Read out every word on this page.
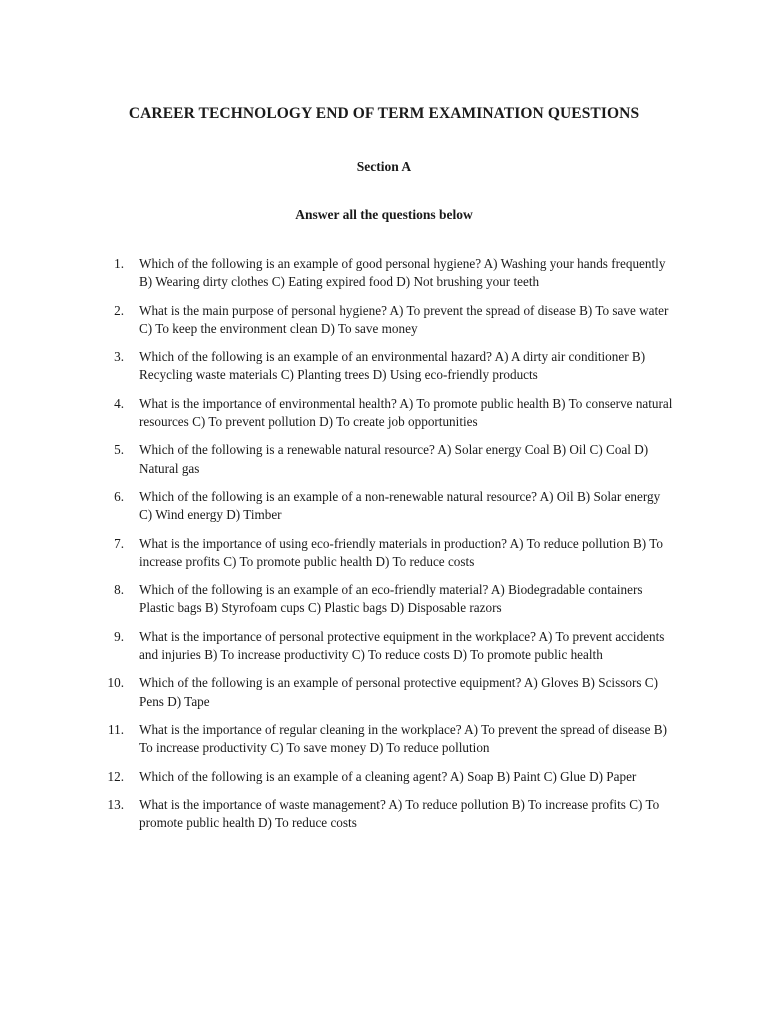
CAREER TECHNOLOGY END OF TERM EXAMINATION QUESTIONS
Section A
Answer all the questions below
1. Which of the following is an example of good personal hygiene? A) Washing your hands frequently B) Wearing dirty clothes C) Eating expired food D) Not brushing your teeth
2. What is the main purpose of personal hygiene? A) To prevent the spread of disease B) To save water C) To keep the environment clean D) To save money
3. Which of the following is an example of an environmental hazard? A) A dirty air conditioner B) Recycling waste materials C) Planting trees D) Using eco-friendly products
4. What is the importance of environmental health? A) To promote public health B) To conserve natural resources C) To prevent pollution D) To create job opportunities
5. Which of the following is a renewable natural resource? A) Solar energy Coal B) Oil C) Coal D) Natural gas
6. Which of the following is an example of a non-renewable natural resource? A) Oil B) Solar energy C) Wind energy D) Timber
7. What is the importance of using eco-friendly materials in production? A) To reduce pollution B) To increase profits C) To promote public health D) To reduce costs
8. Which of the following is an example of an eco-friendly material? A) Biodegradable containers Plastic bags B) Styrofoam cups C) Plastic bags D) Disposable razors
9. What is the importance of personal protective equipment in the workplace? A) To prevent accidents and injuries B) To increase productivity C) To reduce costs D) To promote public health
10. Which of the following is an example of personal protective equipment? A) Gloves B) Scissors C) Pens D) Tape
11. What is the importance of regular cleaning in the workplace? A) To prevent the spread of disease B) To increase productivity C) To save money D) To reduce pollution
12. Which of the following is an example of a cleaning agent? A) Soap B) Paint C) Glue D) Paper
13. What is the importance of waste management? A) To reduce pollution B) To increase profits C) To promote public health D) To reduce costs
